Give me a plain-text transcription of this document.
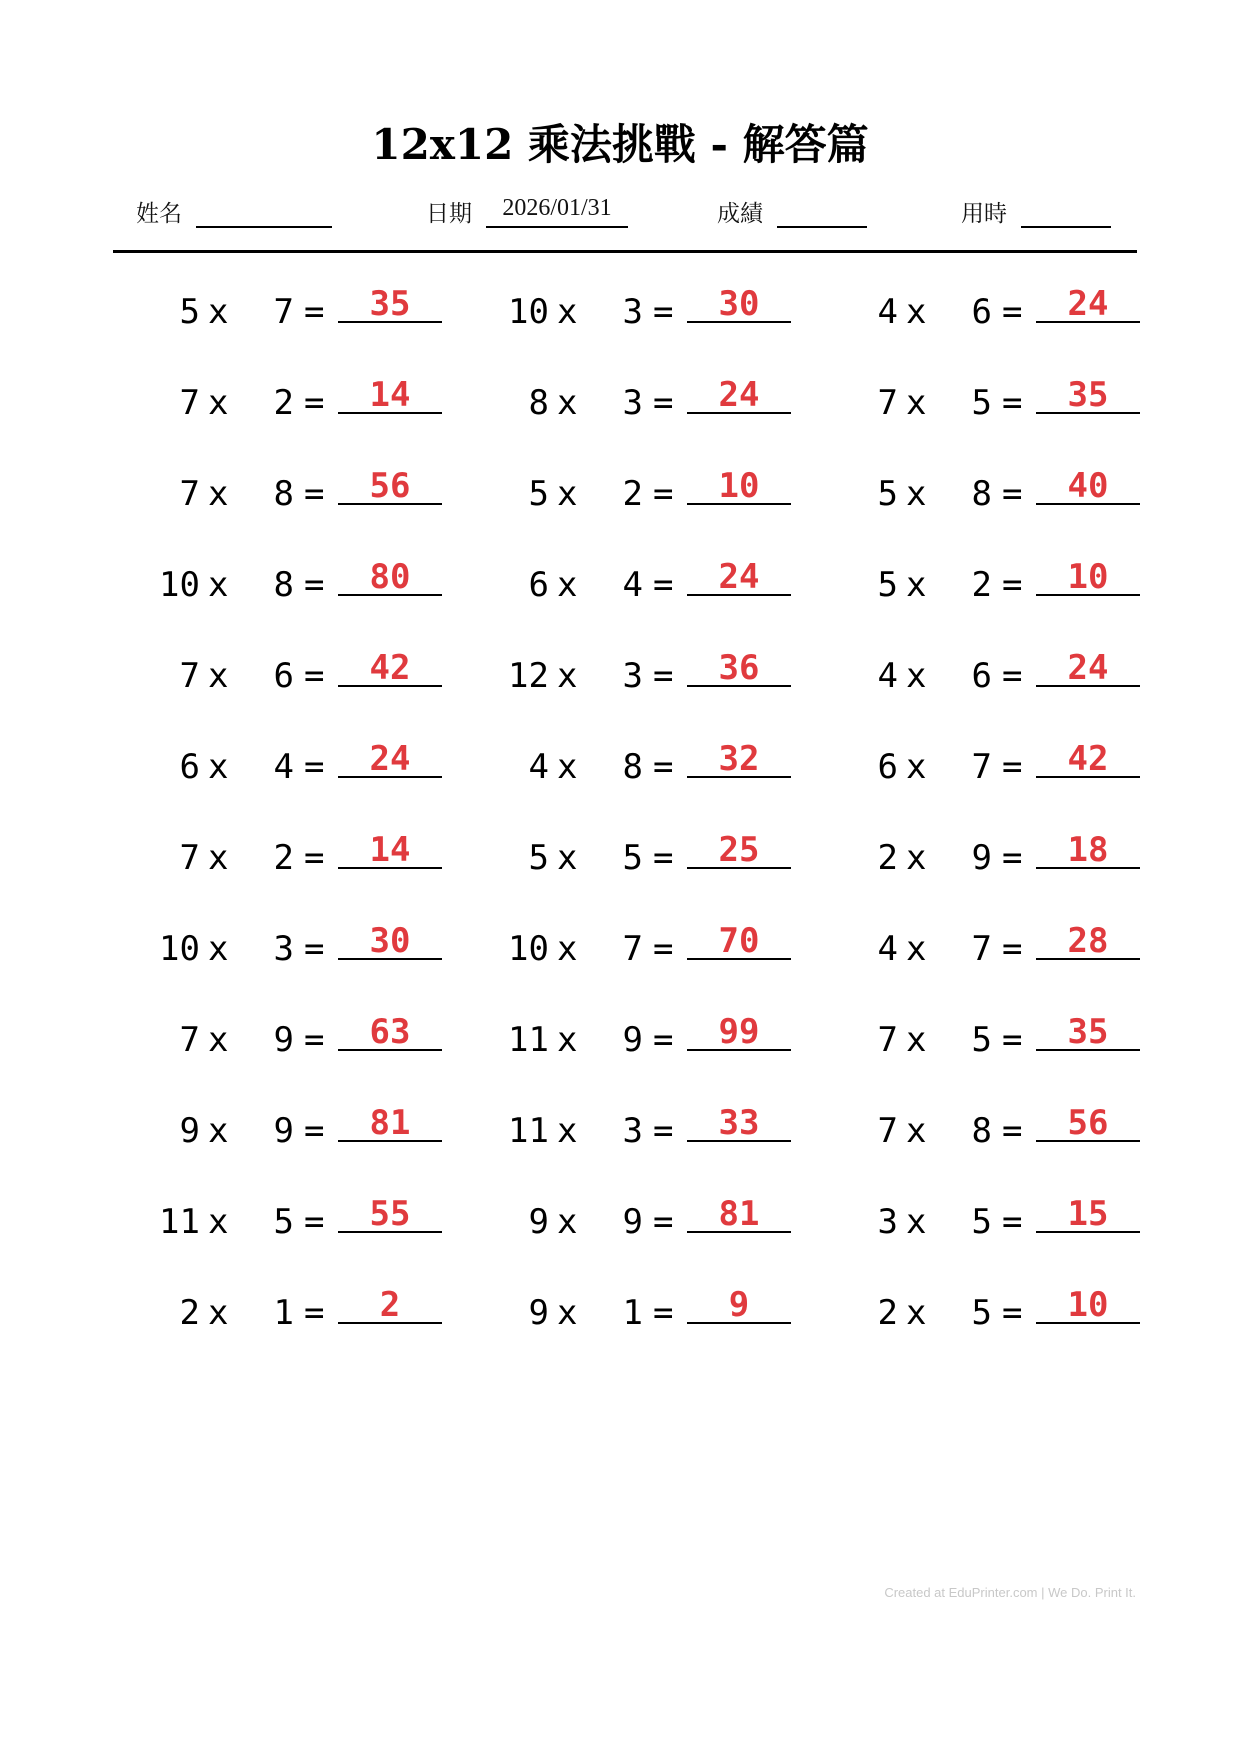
12x12 乘法挑戰 - 解答篇
姓名	日期 2026/01/31	成績	用時
5 x	7 =	35	10 x	3 =	30	4 x	6 =	24
7 x	2 =	14	8 x	3 =	24	7 x	5 =	35
7 x	8 =	56	5 x	2 =	10	5 x	8 =	40
10 x	8 =	80	6 x	4 =	24	5 x	2 =	10
7 x	6 =	42	12 x	3 =	36	4 x	6 =	24
6 x	4 =	24	4 x	8 =	32	6 x	7 =	42
7 x	2 =	14	5 x	5 =	25	2 x	9 =	18
10 x	3 =	30	10 x	7 =	70	4 x	7 =	28
7 x	9 =	63	11 x	9 =	99	7 x	5 =	35
9 x	9 =	81	11 x	3 =	33	7 x	8 =	56
11 x	5 =	55	9 x	9 =	81	3 x	5 =	15
2 x	1 =	2	9 x	1 =	9	2 x	5 =	10
Created at EduPrinter.com | We Do. Print It.
